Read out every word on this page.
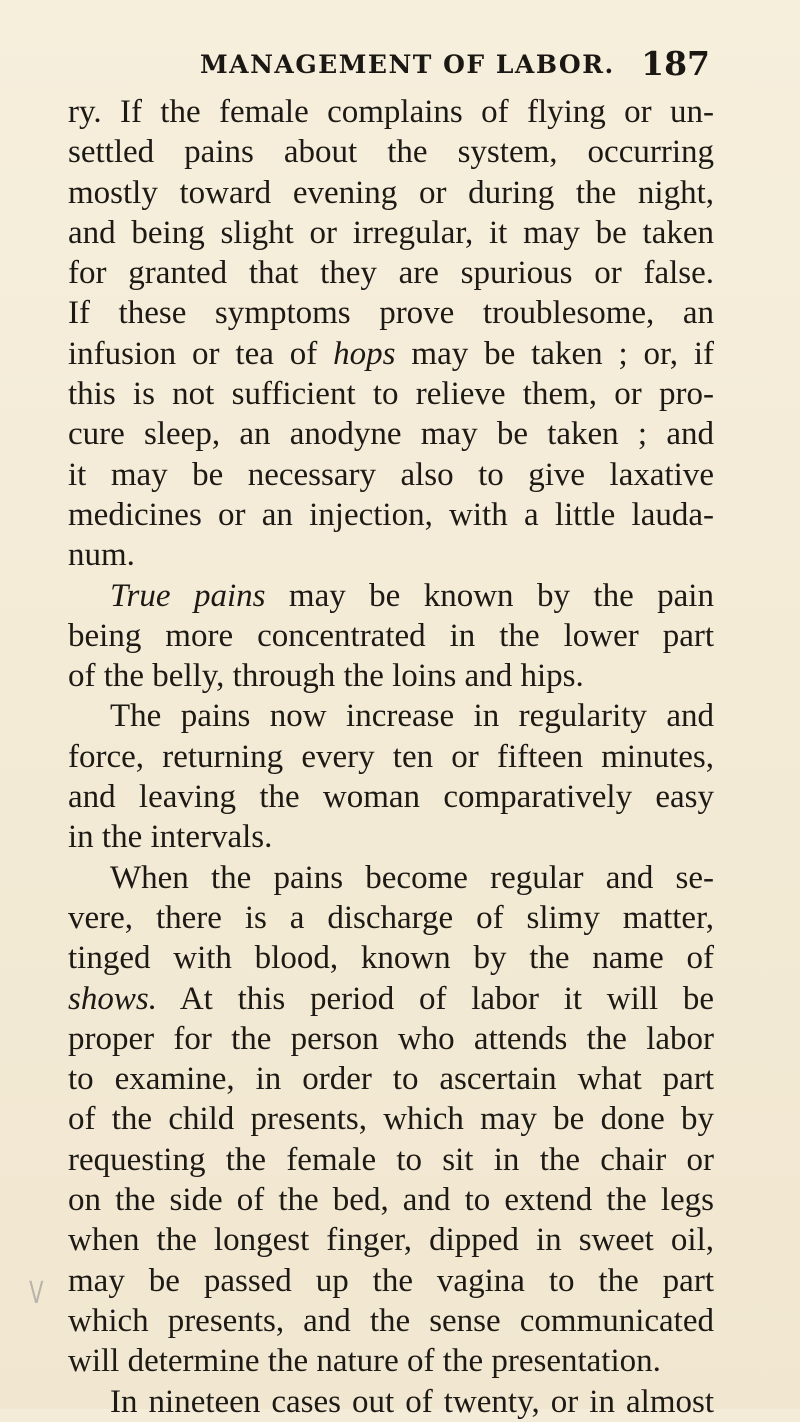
MANAGEMENT OF LABOR. 187
V
ry. If the female complains of flying or un-
settled pains about the system, occurring
mostly toward evening or during the night,
and being slight or irregular, it may be taken
for granted that they are spurious or false.
If these symptoms prove troublesome, an
infusion or tea of hops may be taken ; or, if
this is not sufficient to relieve them, or pro-
cure sleep, an anodyne may be taken ; and
it may be necessary also to give laxative
medicines or an injection, with a little lauda-
num.
True pains may be known by the pain
being more concentrated in the lower part
of the belly, through the loins and hips.
The pains now increase in regularity and
force, returning every ten or fifteen minutes,
and leaving the woman comparatively easy
in the intervals.
When the pains become regular and se-
vere, there is a discharge of slimy matter,
tinged with blood, known by the name of
shows. At this period of labor it will be
proper for the person who attends the labor
to examine, in order to ascertain what part
of the child presents, which may be done by
requesting the female to sit in the chair or
on the side of the bed, and to extend the legs
when the longest finger, dipped in sweet oil,
may be passed up the vagina to the part
which presents, and the sense communicated
will determine the nature of the presentation.
In nineteen cases out of twenty, or in almost
